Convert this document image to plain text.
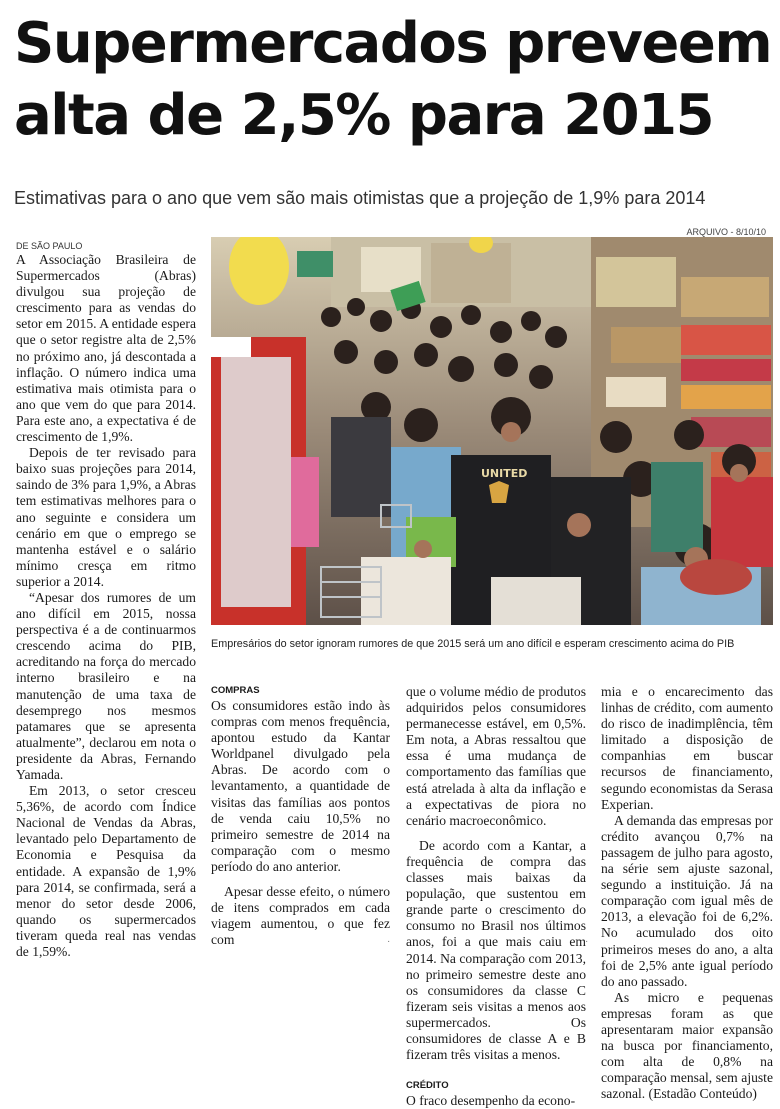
Supermercados preveem
alta de 2,5% para 2015

Estimativas para o ano que vem são mais otimistas que a projeção de 1,9% para 2014

ARQUIVO - 8/10/10
DE SÃO PAULO

A Associação Brasileira de Supermercados (Abras) divulgou sua projeção de crescimento para as vendas do setor em 2015. A entidade espera que o setor registre alta de 2,5% no próximo ano, já descontada a inflação. O número indica uma estimativa mais otimista para o ano que vem do que para 2014. Para este ano, a expectativa é de crescimento de 1,9%.

Depois de ter revisado para baixo suas projeções para 2014, saindo de 3% para 1,9%, a Abras tem estimativas melhores para o ano seguinte e considera um cenário em que o emprego se mantenha estável e o salário mínimo cresça em ritmo superior a 2014.

“Apesar dos rumores de um ano difícil em 2015, nossa perspectiva é a de continuarmos crescendo acima do PIB, acreditando na força do mercado interno brasileiro e na manutenção de uma taxa de desemprego nos mesmos patamares que se apresenta atualmente”, declarou em nota o presidente da Abras, Fernando Yamada.

Em 2013, o setor cresceu 5,36%, de acordo com Índice Nacional de Vendas da Abras, levantado pelo Departamento de Economia e Pesquisa da entidade. A expansão de 1,9% para 2014, se confirmada, será a menor do setor desde 2006, quando os supermercados tiveram queda real nas vendas de 1,59%.

UNITED
Empresários do setor ignoram rumores de que 2015 será um ano difícil e esperam crescimento acima do PIB
COMPRAS

Os consumidores estão indo às compras com menos frequência, apontou estudo da Kantar Worldpanel divulgado pela Abras. De acordo com o levantamento, a quantidade de visitas das famílias aos pontos de venda caiu 10,5% no primeiro semestre de 2014 na comparação com o mesmo período do ano anterior.

Apesar desse efeito, o número de itens comprados em cada viagem aumentou, o que fez com

que o volume médio de produtos adquiridos pelos consumidores permanecesse estável, em 0,5%. Em nota, a Abras ressaltou que essa é uma mudança de comportamento das famílias que está atrelada à alta da inflação e a expectativas de piora no cenário macroeconômico.

De acordo com a Kantar, a frequência de compra das classes mais baixas da população, que sustentou em grande parte o crescimento do consumo no Brasil nos últimos anos, foi a que mais caiu em 2014. Na comparação com 2013, no primeiro semestre deste ano os consumidores da classe C fizeram seis visitas a menos aos supermercados. Os consumidores de classe A e B fizeram três visitas a menos.

CRÉDITO

O fraco desempenho da econo-

mia e o encarecimento das linhas de crédito, com aumento do risco de inadimplência, têm limitado a disposição de companhias em buscar recursos de financiamento, segundo economistas da Serasa Experian.

A demanda das empresas por crédito avançou 0,7% na passagem de julho para agosto, na série sem ajuste sazonal, segundo a instituição. Já na comparação com igual mês de 2013, a elevação foi de 6,2%. No acumulado dos oito primeiros meses do ano, a alta foi de 2,5% ante igual período do ano passado.

As micro e pequenas empresas foram as que apresentaram maior expansão na busca por financiamento, com alta de 0,8% na comparação mensal, sem ajuste sazonal. (Estadão Conteúdo)

·	·
